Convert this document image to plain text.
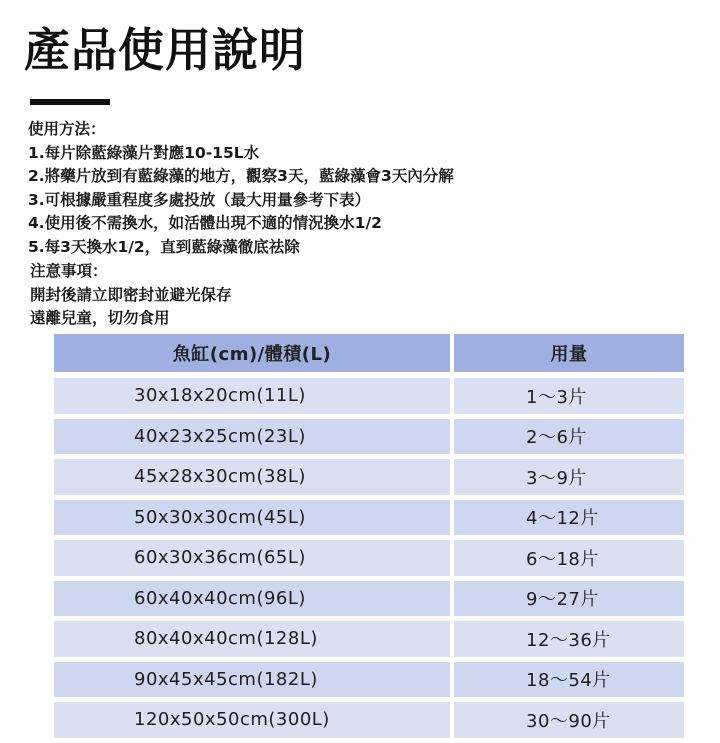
產品使用說明
使用方法：
1.每片除藍綠藻片對應10-15L水
2.將藥片放到有藍綠藻的地方，觀察3天，藍綠藻會3天內分解
3.可根據嚴重程度多處投放（最大用量參考下表）
4.使用後不需換水，如活體出現不適的情況換水1/2
5.每3天換水1/2，直到藍綠藻徹底祛除
注意事項：
開封後請立即密封並避光保存
遠離兒童，切勿食用
魚缸(cm)/體積(L)	用量
30x18x20cm(11L)	1～3片
40x23x25cm(23L)	2～6片
45x28x30cm(38L)	3～9片
50x30x30cm(45L)	4～12片
60x30x36cm(65L)	6～18片
60x40x40cm(96L)	9～27片
80x40x40cm(128L)	12～36片
90x45x45cm(182L)	18～54片
120x50x50cm(300L)	30～90片
